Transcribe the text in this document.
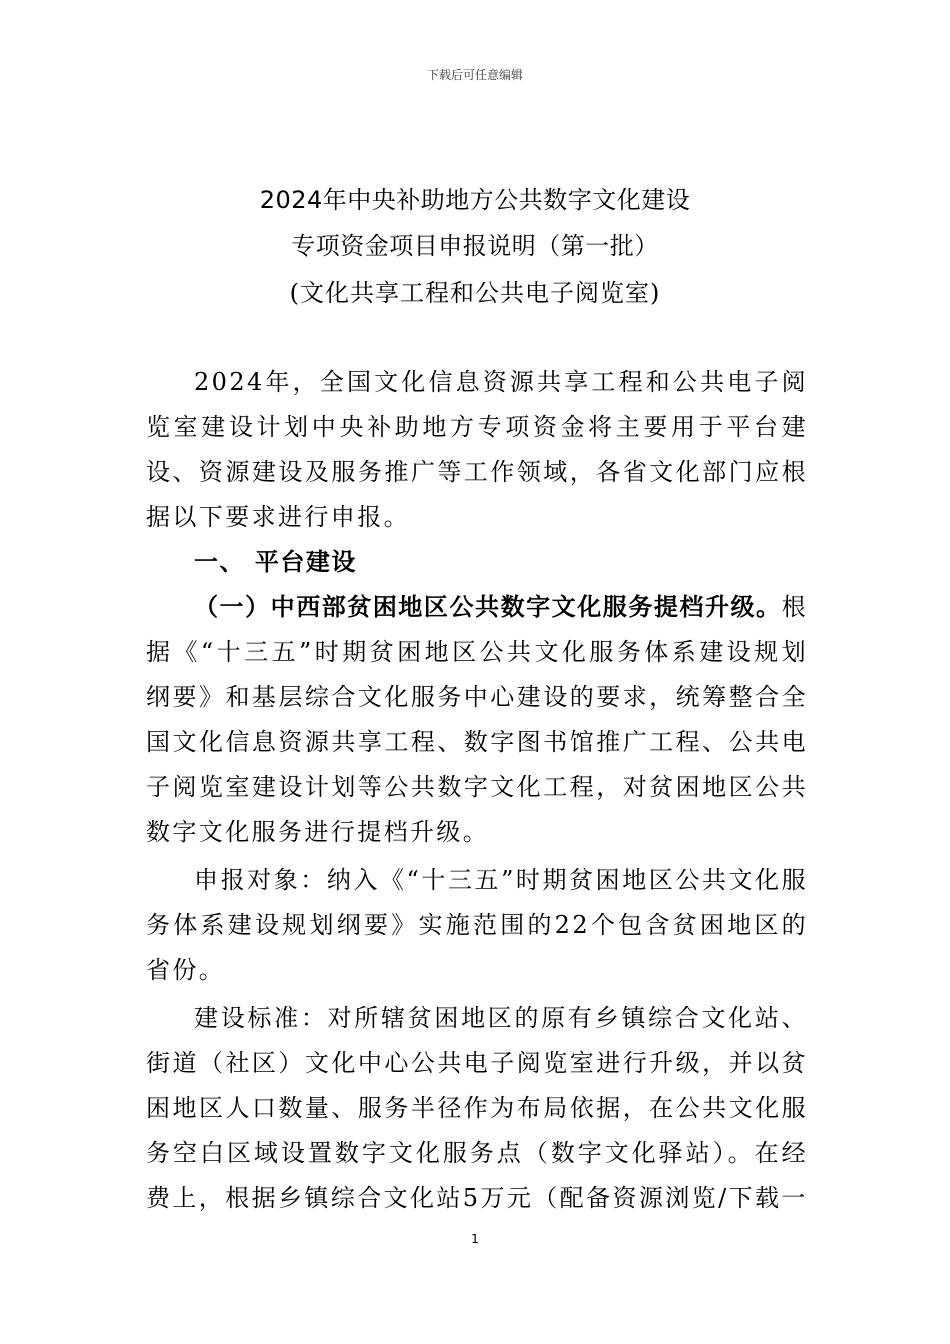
下载后可任意编辑
2024年中央补助地方公共数字文化建设
专项资金项目申报说明（第一批）
(文化共享工程和公共电子阅览室)

2024年，全国文化信息资源共享工程和公共电子阅览室建设计划中央补助地方专项资金将主要用于平台建设、资源建设及服务推广等工作领域，各省文化部门应根据以下要求进行申报。

一、 平台建设

（一）中西部贫困地区公共数字文化服务提档升级。根据《“十三五”时期贫困地区公共文化服务体系建设规划纲要》和基层综合文化服务中心建设的要求，统筹整合全国文化信息资源共享工程、数字图书馆推广工程、公共电子阅览室建设计划等公共数字文化工程，对贫困地区公共数字文化服务进行提档升级。

申报对象：纳入《“十三五”时期贫困地区公共文化服务体系建设规划纲要》实施范围的22个包含贫困地区的省份。

建设标准：对所辖贫困地区的原有乡镇综合文化站、街道（社区）文化中心公共电子阅览室进行升级，并以贫困地区人口数量、服务半径作为布局依据，在公共文化服务空白区域设置数字文化服务点（数字文化驿站）。在经费上，根据乡镇综合文化站5万元（配备资源浏览/下载一

1
